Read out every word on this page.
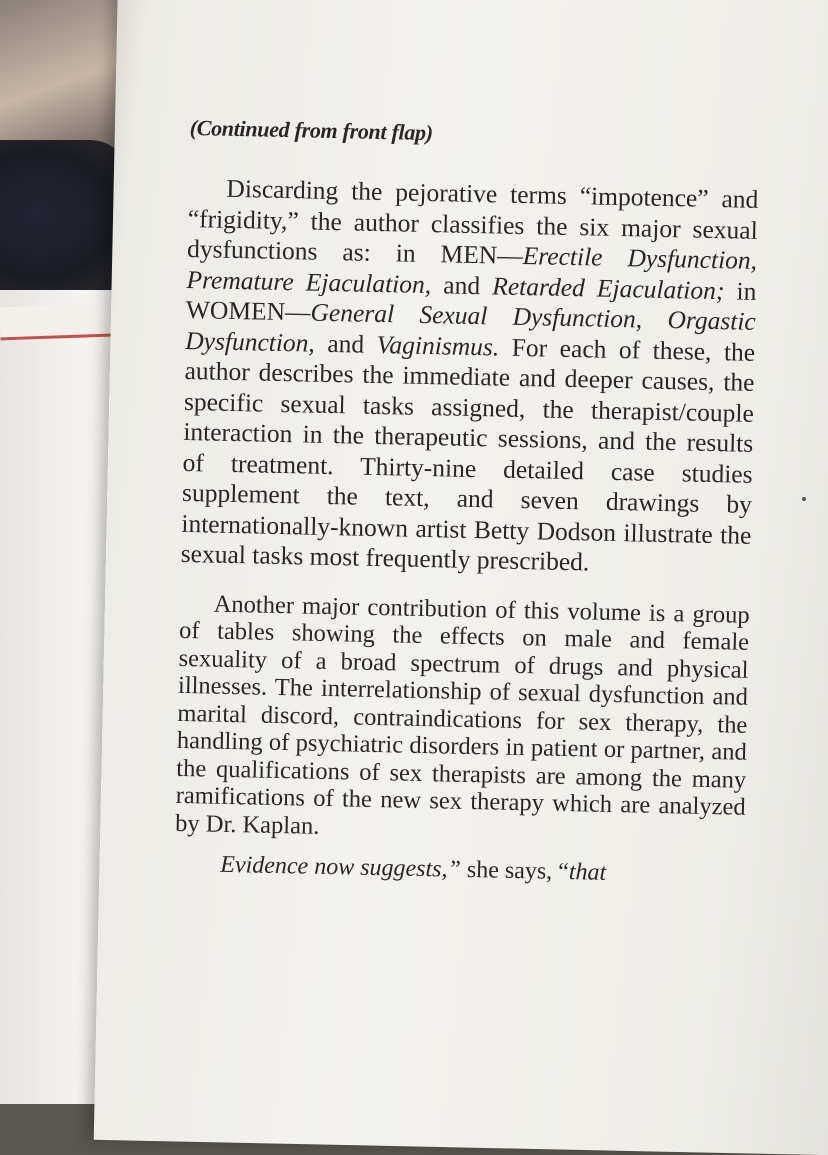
(Continued from front flap)

Discarding the pejorative terms “impotence” and “frigidity,” the author classifies the six major sexual dysfunctions as: in MEN—Erectile Dysfunction, Premature Ejaculation, and Retarded Ejaculation; in WOMEN—General Sexual Dysfunction, Orgastic Dysfunction, and Vaginismus. For each of these, the author describes the immediate and deeper causes, the specific sexual tasks assigned, the therapist/couple interaction in the therapeutic sessions, and the results of treatment. Thirty-nine detailed case studies supplement the text, and seven drawings by internationally-known artist Betty Dodson illustrate the sexual tasks most frequently prescribed.

Another major contribution of this volume is a group of tables showing the effects on male and female sexuality of a broad spectrum of drugs and physical illnesses. The interrelationship of sexual dysfunction and marital discord, contraindications for sex therapy, the handling of psychiatric disorders in patient or partner, and the qualifications of sex therapists are among the many ramifications of the new sex therapy which are analyzed by Dr. Kaplan.

Evidence now suggests,” she says, “that
